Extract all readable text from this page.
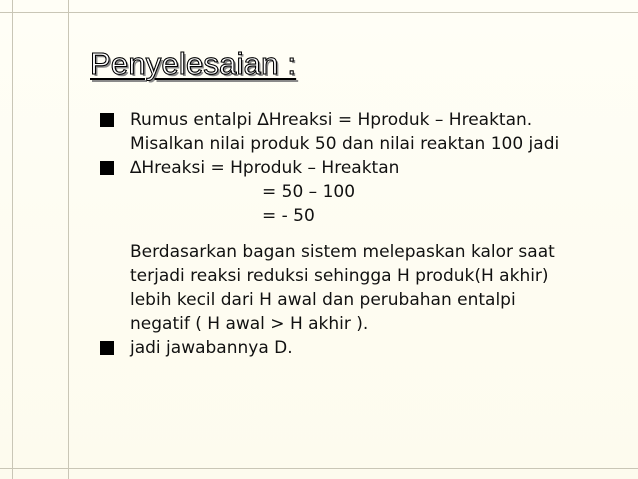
Penyelesaian :
Rumus entalpi ∆Hreaksi = Hproduk – Hreaktan.
Misalkan nilai produk 50 dan nilai reaktan 100 jadi
∆Hreaksi = Hproduk – Hreaktan
= 50 – 100
= - 50
Berdasarkan bagan sistem melepaskan kalor saat
terjadi reaksi reduksi sehingga H produk(H akhir)
lebih kecil dari H awal dan perubahan entalpi
negatif ( H awal > H akhir ).
jadi jawabannya D.
